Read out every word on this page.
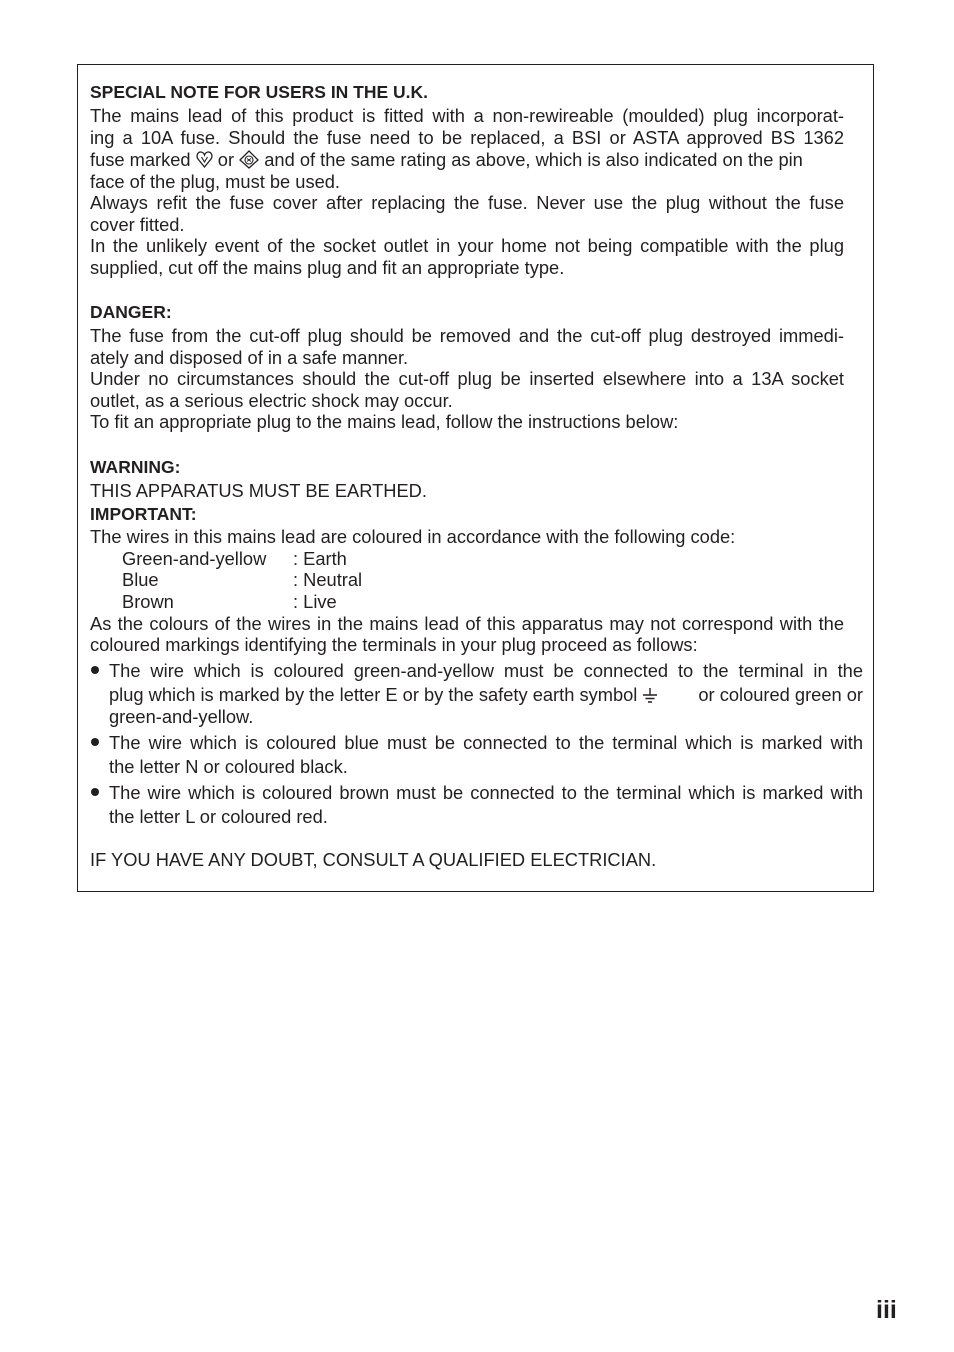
SPECIAL NOTE FOR USERS IN THE U.K.
The mains lead of this product is fitted with a non-rewireable (moulded) plug incorporat-
ing a 10A fuse. Should the fuse need to be replaced, a BSI or ASTA approved BS 1362
fuse marked or and of the same rating as above, which is also indicated on the pin
face of the plug, must be used.
Always refit the fuse cover after replacing the fuse. Never use the plug without the fuse
cover fitted.
In the unlikely event of the socket outlet in your home not being compatible with the plug
supplied, cut off the mains plug and fit an appropriate type.
DANGER:
The fuse from the cut-off plug should be removed and the cut-off plug destroyed immedi-
ately and disposed of in a safe manner.
Under no circumstances should the cut-off plug be inserted elsewhere into a 13A socket
outlet, as a serious electric shock may occur.
To fit an appropriate plug to the mains lead, follow the instructions below:
WARNING:
THIS APPARATUS MUST BE EARTHED.
IMPORTANT:
The wires in this mains lead are coloured in accordance with the following code:
Green-and-yellow : Earth
Blue	: Neutral
Brown	: Live
As the colours of the wires in the mains lead of this apparatus may not correspond with the
coloured markings identifying the terminals in your plug proceed as follows:
The wire which is coloured green-and-yellow must be connected to the terminal in the
plug which is marked by the letter E or by the safety earth symbol	or coloured green or
green-and-yellow.
The wire which is coloured blue must be connected to the terminal which is marked with
the letter N or coloured black.
The wire which is coloured brown must be connected to the terminal which is marked with
the letter L or coloured red.
IF YOU HAVE ANY DOUBT, CONSULT A QUALIFIED ELECTRICIAN.
iii
